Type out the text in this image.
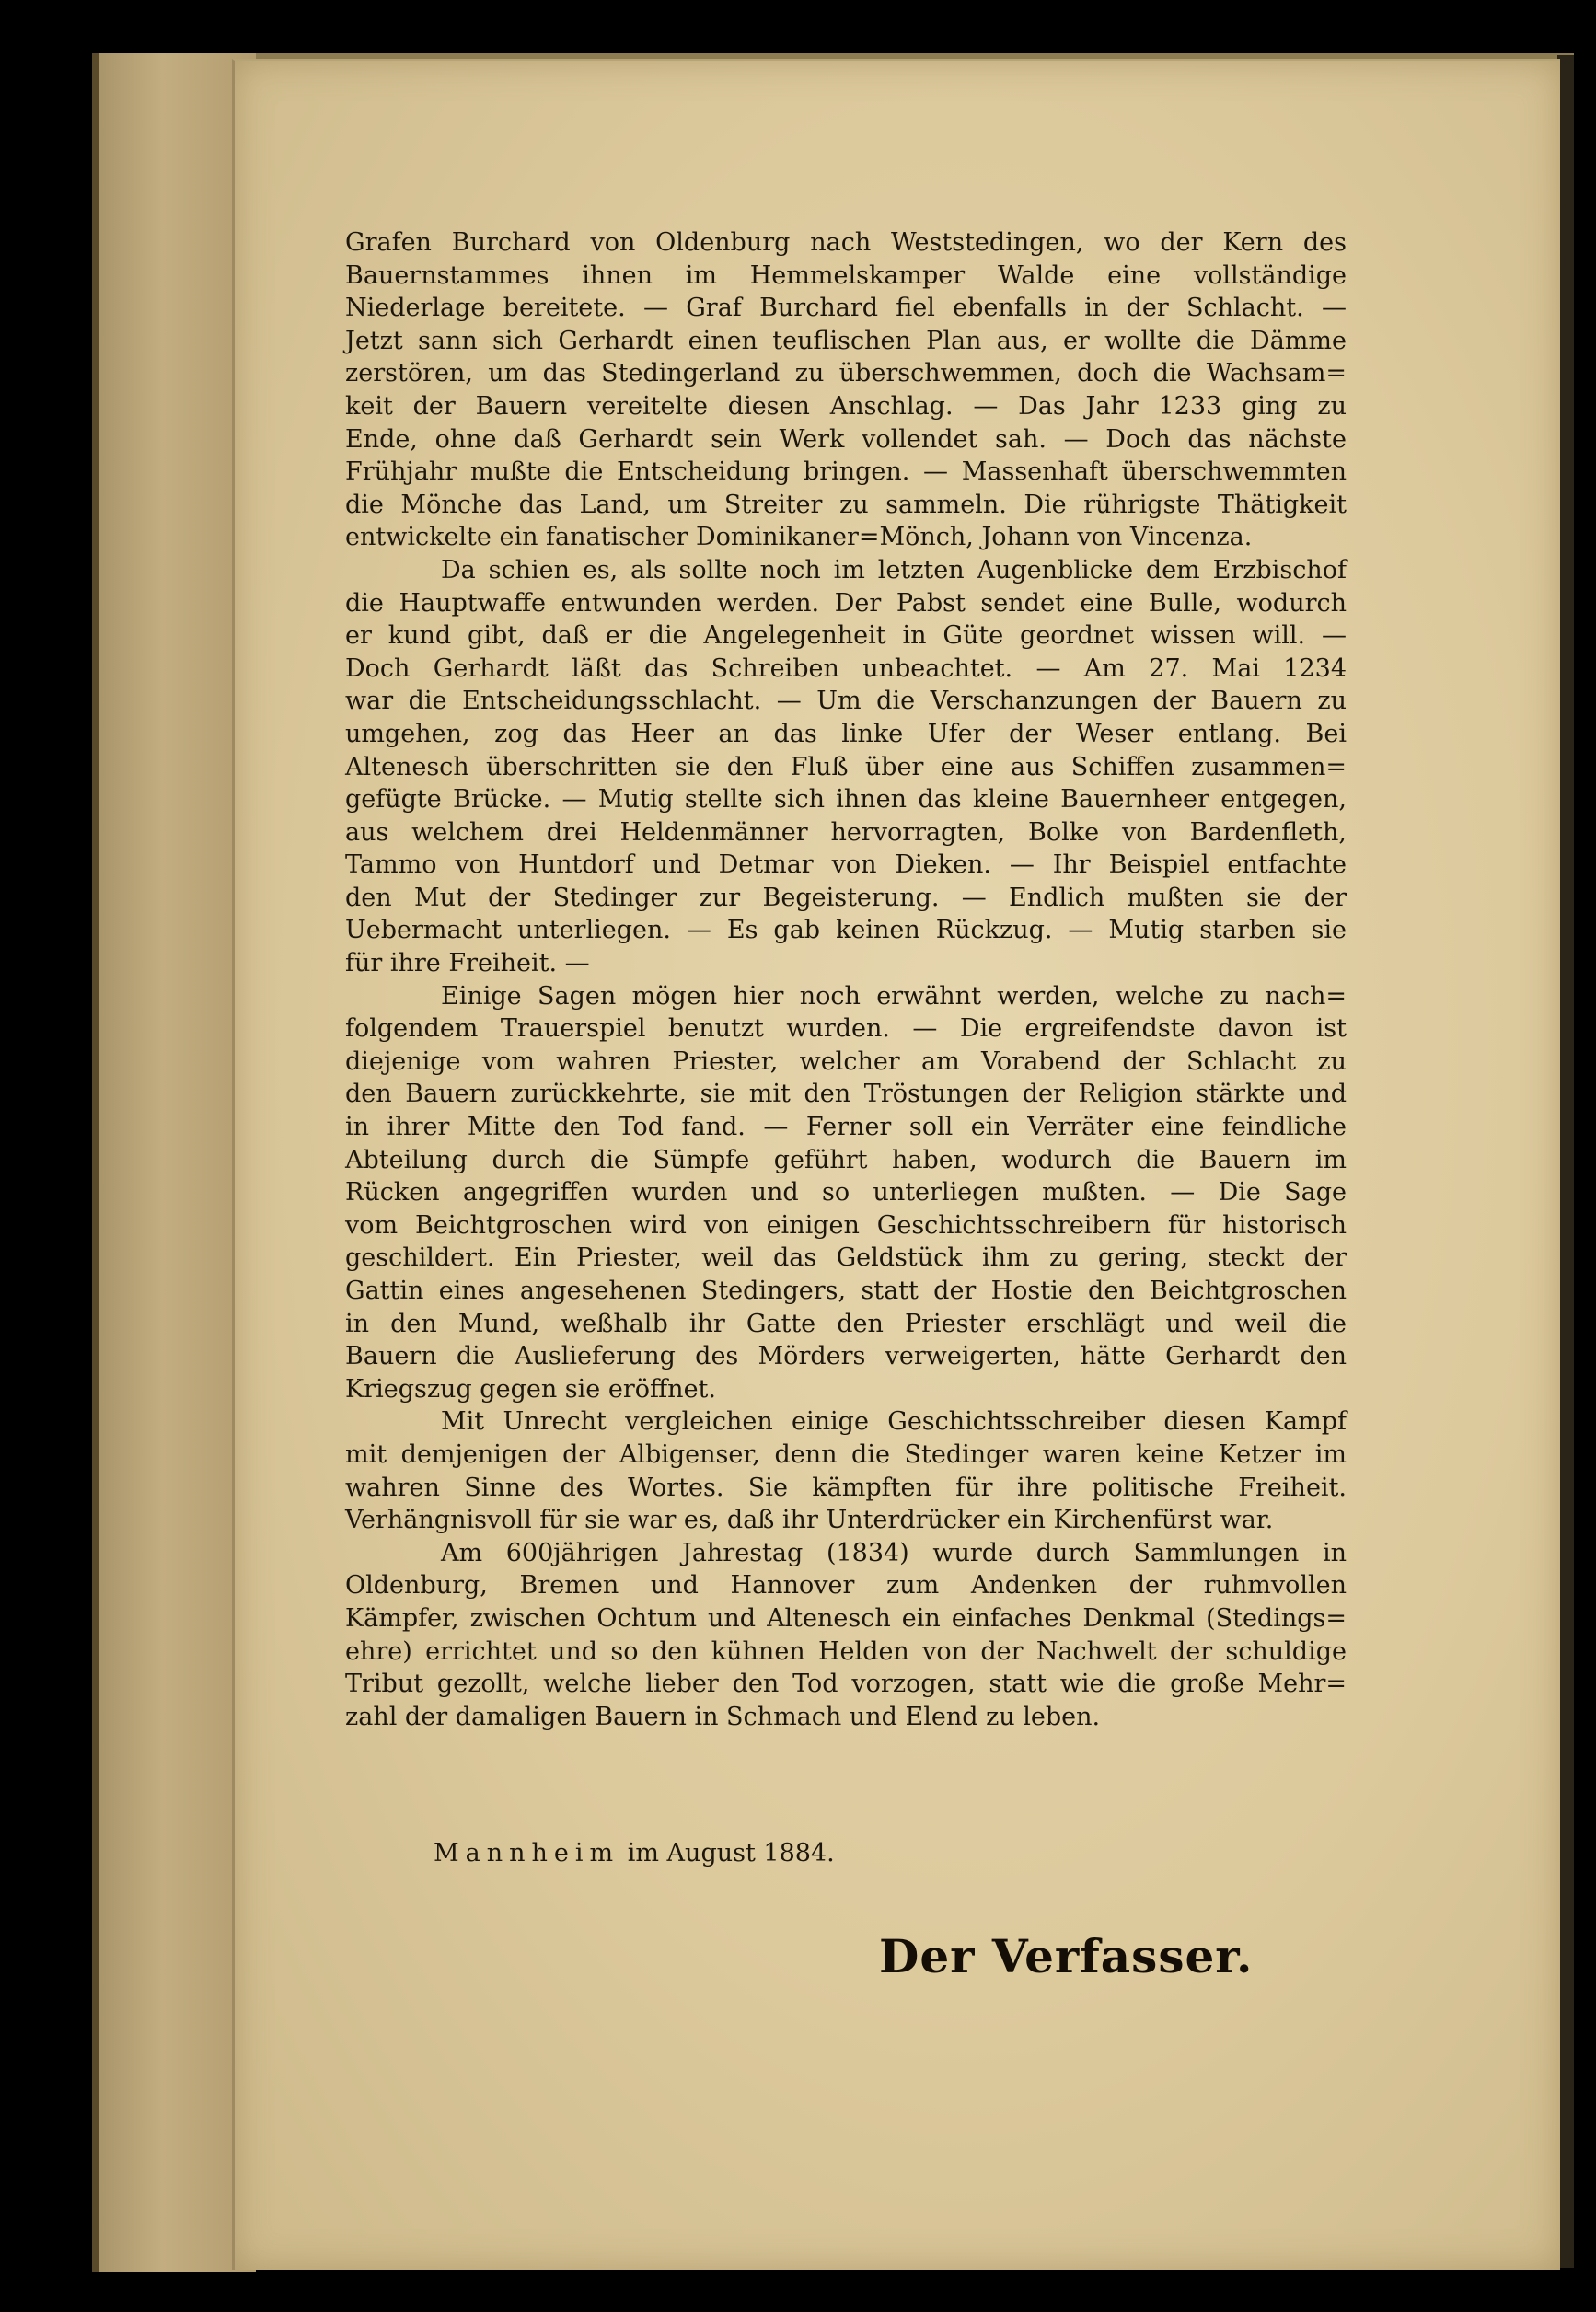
Grafen Burchard von Oldenburg nach Weststedingen, wo der Kern des
Bauernstammes ihnen im Hemmelskamper Walde eine vollständige
Niederlage bereitete. — Graf Burchard fiel ebenfalls in der Schlacht. —
Jetzt sann sich Gerhardt einen teuflischen Plan aus, er wollte die Dämme
zerstören, um das Stedingerland zu überschwemmen, doch die Wachsam=
keit der Bauern vereitelte diesen Anschlag. — Das Jahr 1233 ging zu
Ende, ohne daß Gerhardt sein Werk vollendet sah. — Doch das nächste
Frühjahr mußte die Entscheidung bringen. — Massenhaft überschwemmten
die Mönche das Land, um Streiter zu sammeln. Die rührigste Thätigkeit
entwickelte ein fanatischer Dominikaner=Mönch, Johann von Vincenza.
Da schien es, als sollte noch im letzten Augenblicke dem Erzbischof
die Hauptwaffe entwunden werden. Der Pabst sendet eine Bulle, wodurch
er kund gibt, daß er die Angelegenheit in Güte geordnet wissen will. —
Doch Gerhardt läßt das Schreiben unbeachtet. — Am 27. Mai 1234
war die Entscheidungsschlacht. — Um die Verschanzungen der Bauern zu
umgehen, zog das Heer an das linke Ufer der Weser entlang. Bei
Altenesch überschritten sie den Fluß über eine aus Schiffen zusammen=
gefügte Brücke. — Mutig stellte sich ihnen das kleine Bauernheer entgegen,
aus welchem drei Heldenmänner hervorragten, Bolke von Bardenfleth,
Tammo von Huntdorf und Detmar von Dieken. — Ihr Beispiel entfachte
den Mut der Stedinger zur Begeisterung. — Endlich mußten sie der
Uebermacht unterliegen. — Es gab keinen Rückzug. — Mutig starben sie
für ihre Freiheit. —
Einige Sagen mögen hier noch erwähnt werden, welche zu nach=
folgendem Trauerspiel benutzt wurden. — Die ergreifendste davon ist
diejenige vom wahren Priester, welcher am Vorabend der Schlacht zu
den Bauern zurückkehrte, sie mit den Tröstungen der Religion stärkte und
in ihrer Mitte den Tod fand. — Ferner soll ein Verräter eine feindliche
Abteilung durch die Sümpfe geführt haben, wodurch die Bauern im
Rücken angegriffen wurden und so unterliegen mußten. — Die Sage
vom Beichtgroschen wird von einigen Geschichtsschreibern für historisch
geschildert. Ein Priester, weil das Geldstück ihm zu gering, steckt der
Gattin eines angesehenen Stedingers, statt der Hostie den Beichtgroschen
in den Mund, weßhalb ihr Gatte den Priester erschlägt und weil die
Bauern die Auslieferung des Mörders verweigerten, hätte Gerhardt den
Kriegszug gegen sie eröffnet.
Mit Unrecht vergleichen einige Geschichtsschreiber diesen Kampf
mit demjenigen der Albigenser, denn die Stedinger waren keine Ketzer im
wahren Sinne des Wortes. Sie kämpften für ihre politische Freiheit.
Verhängnisvoll für sie war es, daß ihr Unterdrücker ein Kirchenfürst war.
Am 600jährigen Jahrestag (1834) wurde durch Sammlungen in
Oldenburg, Bremen und Hannover zum Andenken der ruhmvollen
Kämpfer, zwischen Ochtum und Altenesch ein einfaches Denkmal (Stedings=
ehre) errichtet und so den kühnen Helden von der Nachwelt der schuldige
Tribut gezollt, welche lieber den Tod vorzogen, statt wie die große Mehr=
zahl der damaligen Bauern in Schmach und Elend zu leben.
Mannheim im August 1884.
Der Verfasser.
